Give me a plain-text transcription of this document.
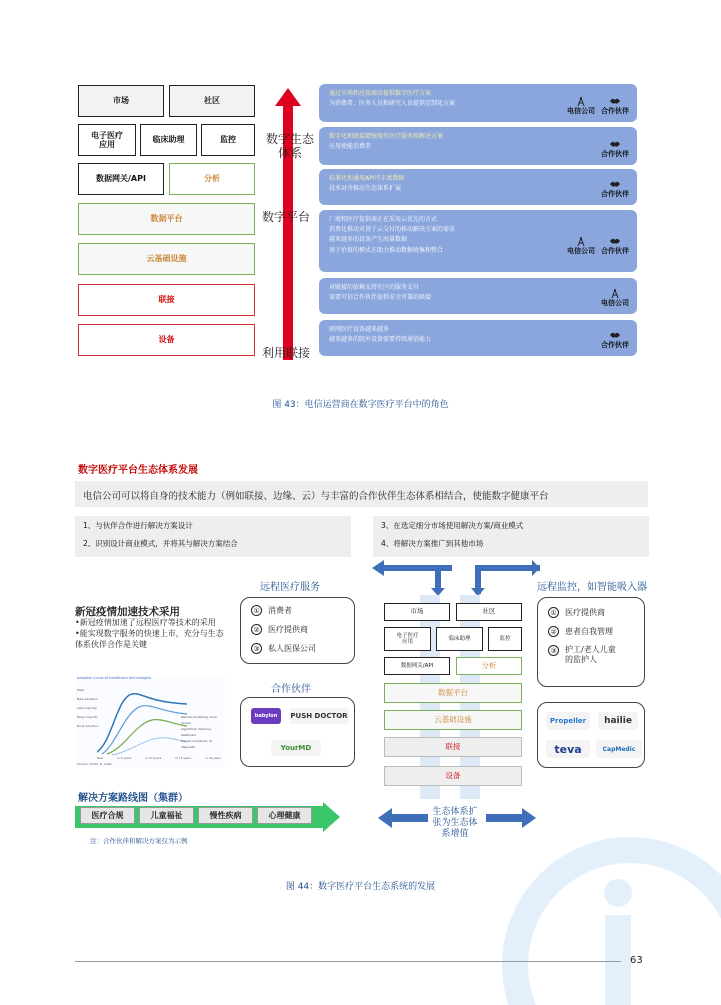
市场	社区
电子医疗
应用
临床助理	监控
数据网关/API	分析
数据平台
云基础设施
联接
设备
数字生态
体系
数字平台
利用联接
通过市场和应用商店提供数字医疗方案
为消费者、医务人员和研究人员提供定制化方案
电信公司 合作伙伴
数字化和联接增强现有医疗服务和解决方案
应用使能消费者
合作伙伴
标准化和通用API可丰富数据
技术对齐推动生态体系扩展
合作伙伴
厂商和医疗提供商正在采用云优先的方式
消费化推动对基于云交付的移动解决方案的需求
越来越多的设备产生海量数据
基于价值的模式正助力推动数据收集和整合	电信公司 合作伙伴
对联接的依赖支持社区的服务支付
需要可信合作伙伴提供安全可靠的联接
电信公司
联网医疗设备越来越多
越来越多的院外设备需要持续通信能力
合作伙伴
图 43：电信运营商在数字医疗平台中的角色
数字医疗平台生态体系发展
电信公司可以将自身的技术能力（例如联接、边缘、云）与丰富的合作伙伴生态体系相结合，使能数字健康平台
1、与伙伴合作进行解决方案设计
2、识别设计商业模式，并将其与解决方案结合
3、在选定细分市场使用解决方案/商业模式
4、将解决方案推广到其他市场
远程医疗服务
① 消费者
② 医疗提供商
③ 私人医保公司
合作伙伴
babylon	PUSH DOCTOR
YourMD
新冠疫情加速技术采用
•新冠疫情加速了远程医疗等技术的采用
•能实现数字服务的快速上市，充分与生态体系伙伴合作是关键
Adoption curve of healthcare technologies
Peak
New adoption
Late majority
Early majority
Early adoption
Remote monitoring, AI for clinical
Algorithmic medicine, healthcare
Precision medicine, AI diagnostic
Now	In 5 years	In 10 years	In 15 years	In 20 years
Source: Arthur D. Little
解决方案路线图（集群）
医疗合规	儿童福祉	慢性疾病	心理健康
注：合作伙伴和解决方案仅为示例
市场	社区
电子医疗
应用
临床助理	监控
数据网关/API	分析
数据平台
云基础设施
联接
设备
生态体系扩
张为生态体
系增值
远程监控，如智能吸入器
① 医疗提供商
② 患者自我管理
③ 护工/老人儿童
的监护人
Propeller	hailie
teva	CapMedic
图 44：数字医疗平台生态系统的发展
63
